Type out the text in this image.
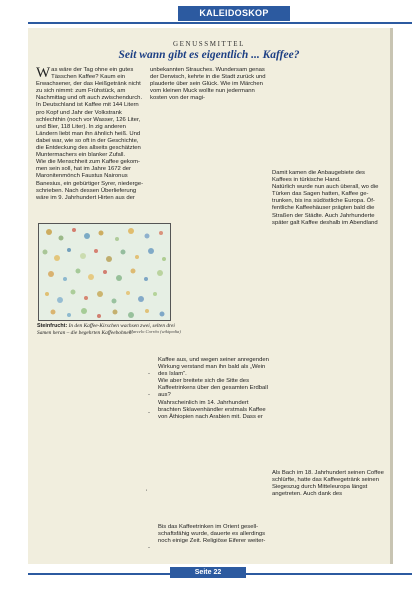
KALEIDOSKOP
GENUSSMITTEL
Seit wann gibt es eigentlich ... Kaffee?

Was wäre der Tag ohne ein gutes Tässchen Kaffee? Kaum ein Erwachsener, der das Heißgetränk nicht zu sich nimmt: zum Frühstück, am Nachmittag und oft auch zwischendurch. In Deutschland ist Kaffee mit 144 Litern pro Kopf und Jahr der Volkstrank schlechthin (noch vor Wasser, 126 Liter, und Bier, 118 Liter). In zig anderen Ländern liebt man ihn ähnlich heiß. Und dabei war, wie so oft in der Geschichte, die Entdeckung des allseits geschätzten Muntermachers ein blanker Zufall.
Wie die Menschheit zum Kaffee gekommen sein soll, hat im Jahre 1672 der Maronitenmönch Faustus Naironus Banesius, ein gebürtiger Syrer, niedergeschrieben. Nach dessen Überlieferung wäre im 9. Jahrhundert Hirten aus der

unbekannten Strauches. Wundersam genas der Derwisch, kehrte in die Stadt zurück und plauderte über sein Glück. Wie im Märchen vom kleinen Muck wollte nun jedermann kosten von der magi-

Damit kamen die Anbaugebiete des Kaffees in türkische Hand.
Natürlich wurde nun auch überall, wo die Türken das Sagen hatten, Kaffee getrunken, bis ins südöstliche Europa. Öffentliche Kaffeehäuser prägten bald die Straßen der Städte. Auch Jahrhunderte später galt Kaffee deshalb im Abendland

Steinfrucht: In den Kaffee-Kirschen wachsen zwei, selten drei Samen heran – die begehrten Kaffeebohnen.
Marcelo Corrêa (wikipedia)

Kaffee aus, und wegen seiner anregenden Wirkung verstand man ihn bald als „Wein des Islam“.
Wie aber breitete sich die Sitte des Kaffeetrinkens über den gesamten Erdball aus?
Wahrscheinlich im 14. Jahrhundert brachten Sklavenhändler erstmals Kaffee von Äthiopien nach Arabien mit. Dass er

-
-
-

Als Bach im 18. Jahrhundert seinen Coffee schlürfte, hatte das Kaffeegetränk seinen Siegeszug durch Mitteleuropa längst angetreten. Auch dank des

'

Bis das Kaffeetrinken im Orient gesellschaftsfähig wurde, dauerte es allerdings noch einige Zeit. Religiöse Eiferer weiter-

-
Seite 22
